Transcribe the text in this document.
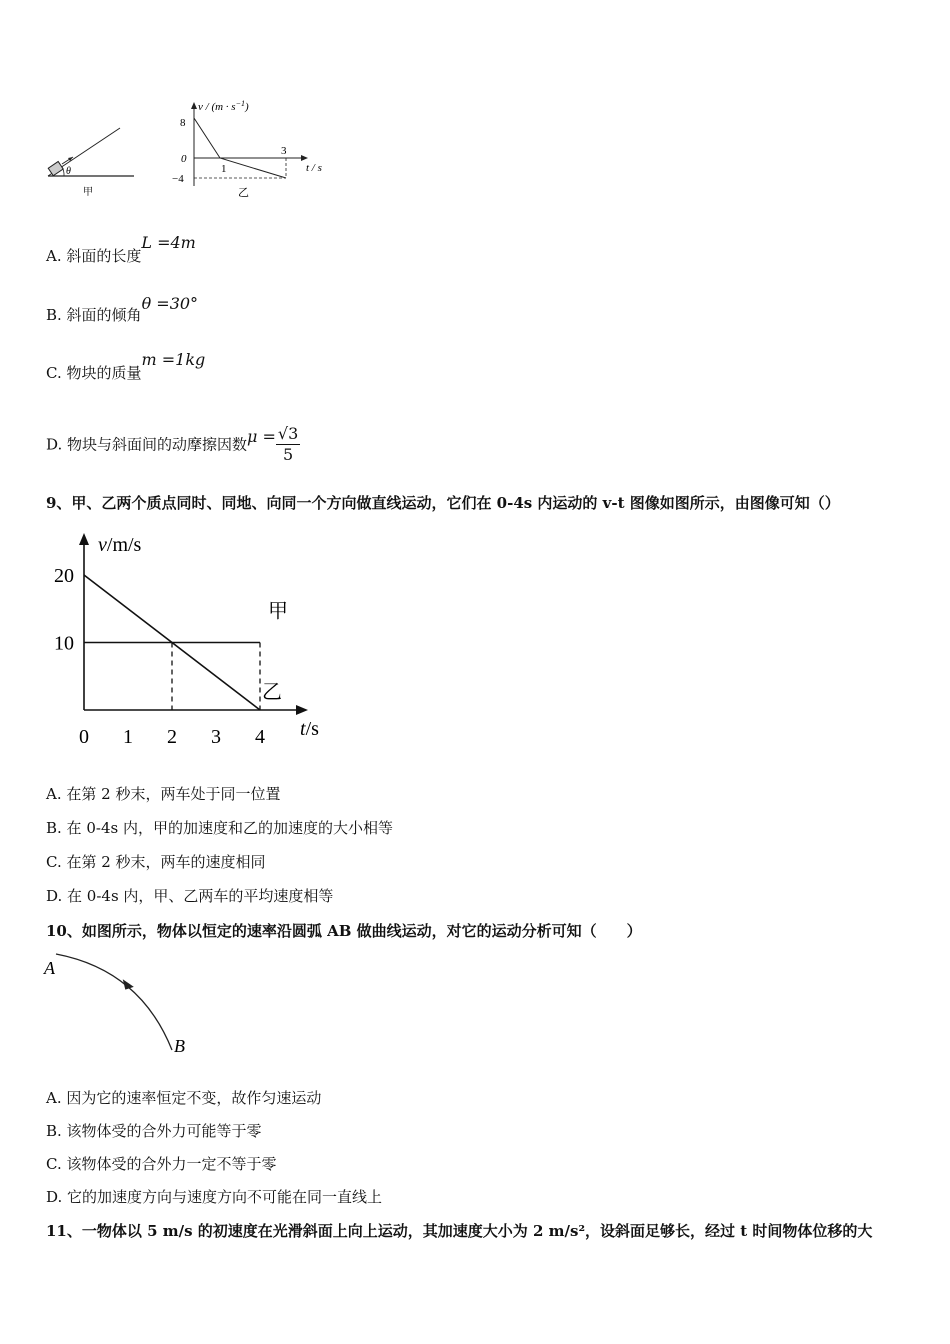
θ
甲
$v / (m \cdot s^{-1})$
8
0
−4
1
3
t / s
乙
A. 斜面的长度L =4m
B. 斜面的倾角θ =30°
C. 物块的质量m =1kg
D. 物块与斜面间的动摩擦因数$\mu = \frac{√3}{5}$
9、甲、乙两个质点同时、同地、向同一个方向做直线运动，它们在 0-4s 内运动的 v-t 图像如图所示，由图像可知（）
甲
乙
0 1 2 3 4
10
20
v/m/s
t/s
A. 在第 2 秒末，两车处于同一位置
B. 在 0-4s 内，甲的加速度和乙的加速度的大小相等
C. 在第 2 秒末，两车的速度相同
D. 在 0-4s 内，甲、乙两车的平均速度相等
10、如图所示，物体以恒定的速率沿圆弧 AB 做曲线运动，对它的运动分析可知（　　）
A
B
A. 因为它的速率恒定不变，故作匀速运动
B. 该物体受的合外力可能等于零
C. 该物体受的合外力一定不等于零
D. 它的加速度方向与速度方向不可能在同一直线上
11、一物体以 5 m/s 的初速度在光滑斜面上向上运动，其加速度大小为 2 m/s²，设斜面足够长，经过 t 时间物体位移的大
